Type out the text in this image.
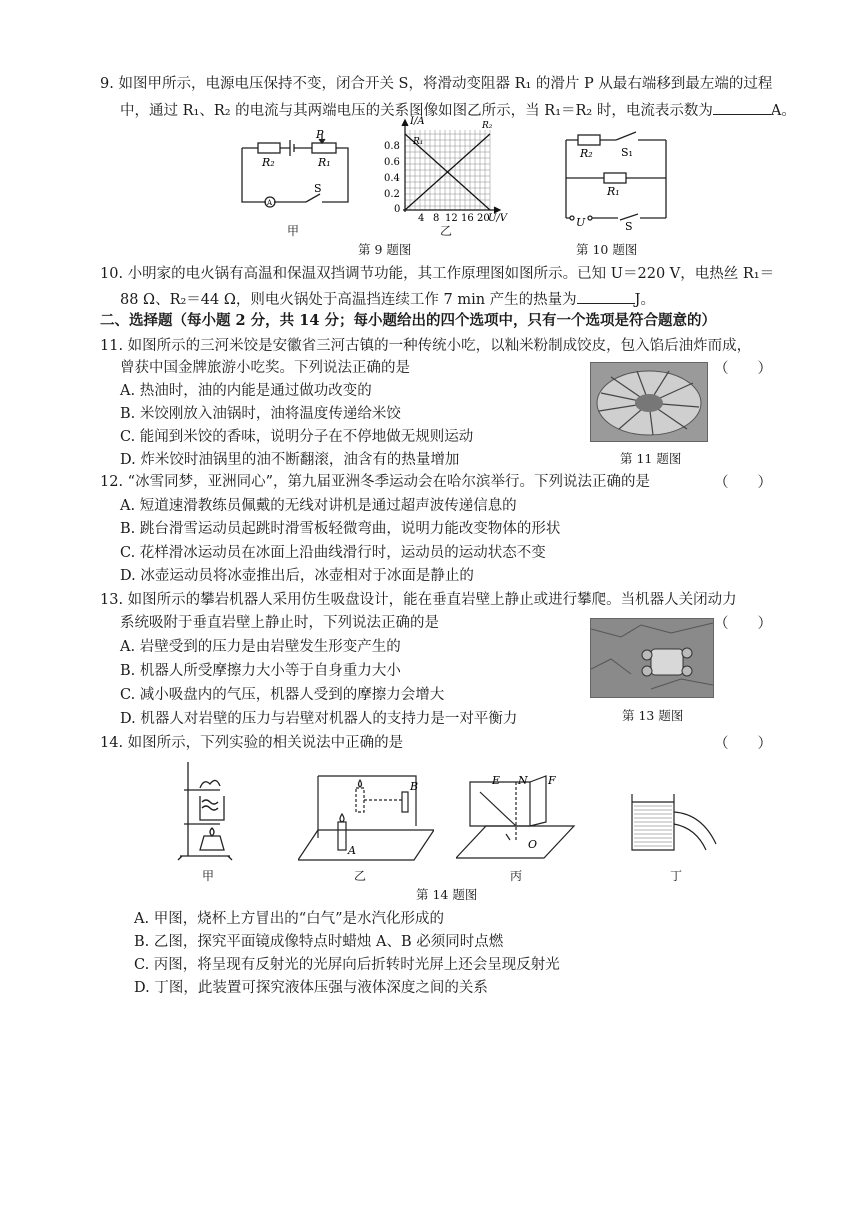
9. 如图甲所示，电源电压保持不变，闭合开关 S，将滑动变阻器 R₁ 的滑片 P 从最右端移到最左端的过程
中，通过 R₁、R₂ 的电流与其两端电压的关系图像如图乙所示，当 R₁＝R₂ 时，电流表示数为	A。
R₂	R₁
P
S
A
甲
I/A	R₂
R₁
0.8
0.6
0.4
0.2
0
4 8 12 16 20
U/V
乙
第 9 题图
R₂	S₁
R₁
U	S
第 10 题图
10. 小明家的电火锅有高温和保温双挡调节功能，其工作原理图如图所示。已知 U＝220 V，电热丝 R₁＝
88 Ω、R₂＝44 Ω，则电火锅处于高温挡连续工作 7 min 产生的热量为	J。
二、选择题（每小题 2 分，共 14 分；每小题给出的四个选项中，只有一个选项是符合题意的）
11. 如图所示的三河米饺是安徽省三河古镇的一种传统小吃，以籼米粉制成饺皮，包入馅后油炸而成，
曾获中国金牌旅游小吃奖。下列说法正确的是	（　　）
A. 热油时，油的内能是通过做功改变的
B. 米饺刚放入油锅时，油将温度传递给米饺
C. 能闻到米饺的香味，说明分子在不停地做无规则运动
D. 炸米饺时油锅里的油不断翻滚，油含有的热量增加	第 11 题图
12. “冰雪同梦，亚洲同心”，第九届亚洲冬季运动会在哈尔滨举行。下列说法正确的是	（　　）
A. 短道速滑教练员佩戴的无线对讲机是通过超声波传递信息的
B. 跳台滑雪运动员起跳时滑雪板轻微弯曲，说明力能改变物体的形状
C. 花样滑冰运动员在冰面上沿曲线滑行时，运动员的运动状态不变
D. 冰壶运动员将冰壶推出后，冰壶相对于冰面是静止的
13. 如图所示的攀岩机器人采用仿生吸盘设计，能在垂直岩壁上静止或进行攀爬。当机器人关闭动力
系统吸附于垂直岩壁上静止时，下列说法正确的是	（　　）
A. 岩壁受到的压力是由岩壁发生形变产生的
B. 机器人所受摩擦力大小等于自身重力大小
C. 减小吸盘内的气压，机器人受到的摩擦力会增大
D. 机器人对岩壁的压力与岩壁对机器人的支持力是一对平衡力	第 13 题图
14. 如图所示，下列实验的相关说法中正确的是	（　　）
甲
A
B
乙
E N F
O
丙	丁
第 14 题图
A. 甲图，烧杯上方冒出的“白气”是水汽化形成的
B. 乙图，探究平面镜成像特点时蜡烛 A、B 必须同时点燃
C. 丙图，将呈现有反射光的光屏向后折转时光屏上还会呈现反射光
D. 丁图，此装置可探究液体压强与液体深度之间的关系
